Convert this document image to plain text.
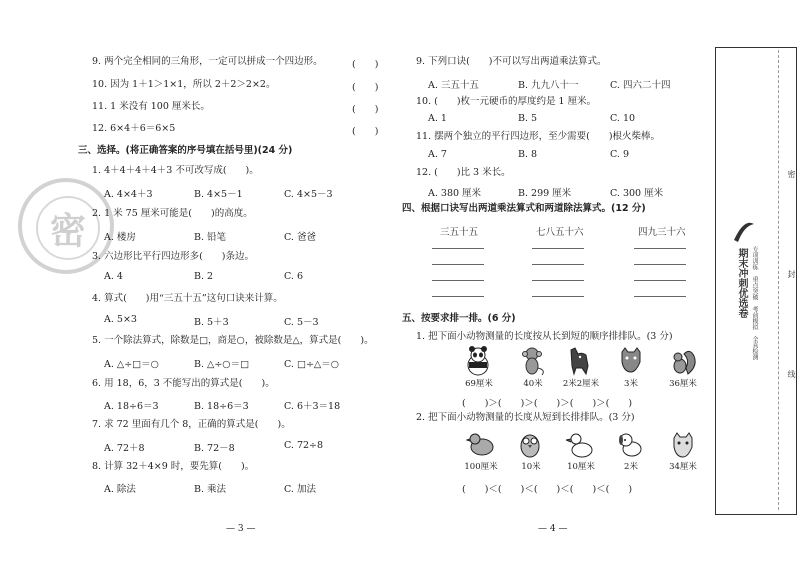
密
9. 两个完全相同的三角形，一定可以拼成一个四边形。	(　　)
10. 因为 1＋1＞1×1，所以 2＋2＞2×2。	(　　)
11. 1 米没有 100 厘米长。	(　　)
12. 6×4＋6＝6×5	(　　)
三、选择。(将正确答案的序号填在括号里)(24 分)
1. 4＋4＋4＋4＋3 不可改写成(　　)。
A. 4×4＋3	B. 4×5－1	C. 4×5－3
2. 1 米 75 厘米可能是(　　)的高度。
A. 楼房	B. 铅笔	C. 爸爸
3. 六边形比平行四边形多(　　)条边。
A. 4	B. 2	C. 6
4. 算式(　　)用“三五十五”这句口诀来计算。
A. 5×3	B. 5＋3	C. 5－3
5. 一个除法算式，除数是□，商是○，被除数是△，算式是(　　)。
A. △÷□＝○	B. △÷○＝□	C. □÷△＝○
6. 用 18，6，3 不能写出的算式是(　　)。
A. 18÷6＝3	B. 18÷6＝3	C. 6＋3＝18
7. 求 72 里面有几个 8，正确的算式是(　　)。
A. 72＋8	B. 72－8	C. 72÷8
8. 计算 32＋4×9 时，要先算(　　)。
A. 除法	B. 乘法	C. 加法
— 3 —
9. 下列口诀(　　)不可以写出两道乘法算式。
A. 三五十五	B. 九九八十一	C. 四六二十四
10. (　　)枚一元硬币的厚度约是 1 厘米。
A. 1	B. 5	C. 10
11. 摆两个独立的平行四边形，至少需要(　　)根火柴棒。
A. 7	B. 8	C. 9
12. (　　)比 3 米长。
A. 380 厘米	B. 299 厘米	C. 300 厘米
四、根据口诀写出两道乘法算式和两道除法算式。(12 分)
三五十五	七八五十六	四九三十六
五、按要求排一排。(6 分)
1. 把下面小动物测量的长度按从长到短的顺序排排队。(3 分)
69厘米	40米	2米2厘米	3米	36厘米
(　　)＞(　　)＞(　　)＞(　　)＞(　　)
2. 把下面小动物测量的长度从短到长排排队。(3 分)
100厘米	10米	10厘米	2米	34厘米
(　　)＜(　　)＜(　　)＜(　　)＜(　　)
— 4 —
期末冲刺优选卷 专项训练　重点突破　考前模拟　全真检测
密
封
线
